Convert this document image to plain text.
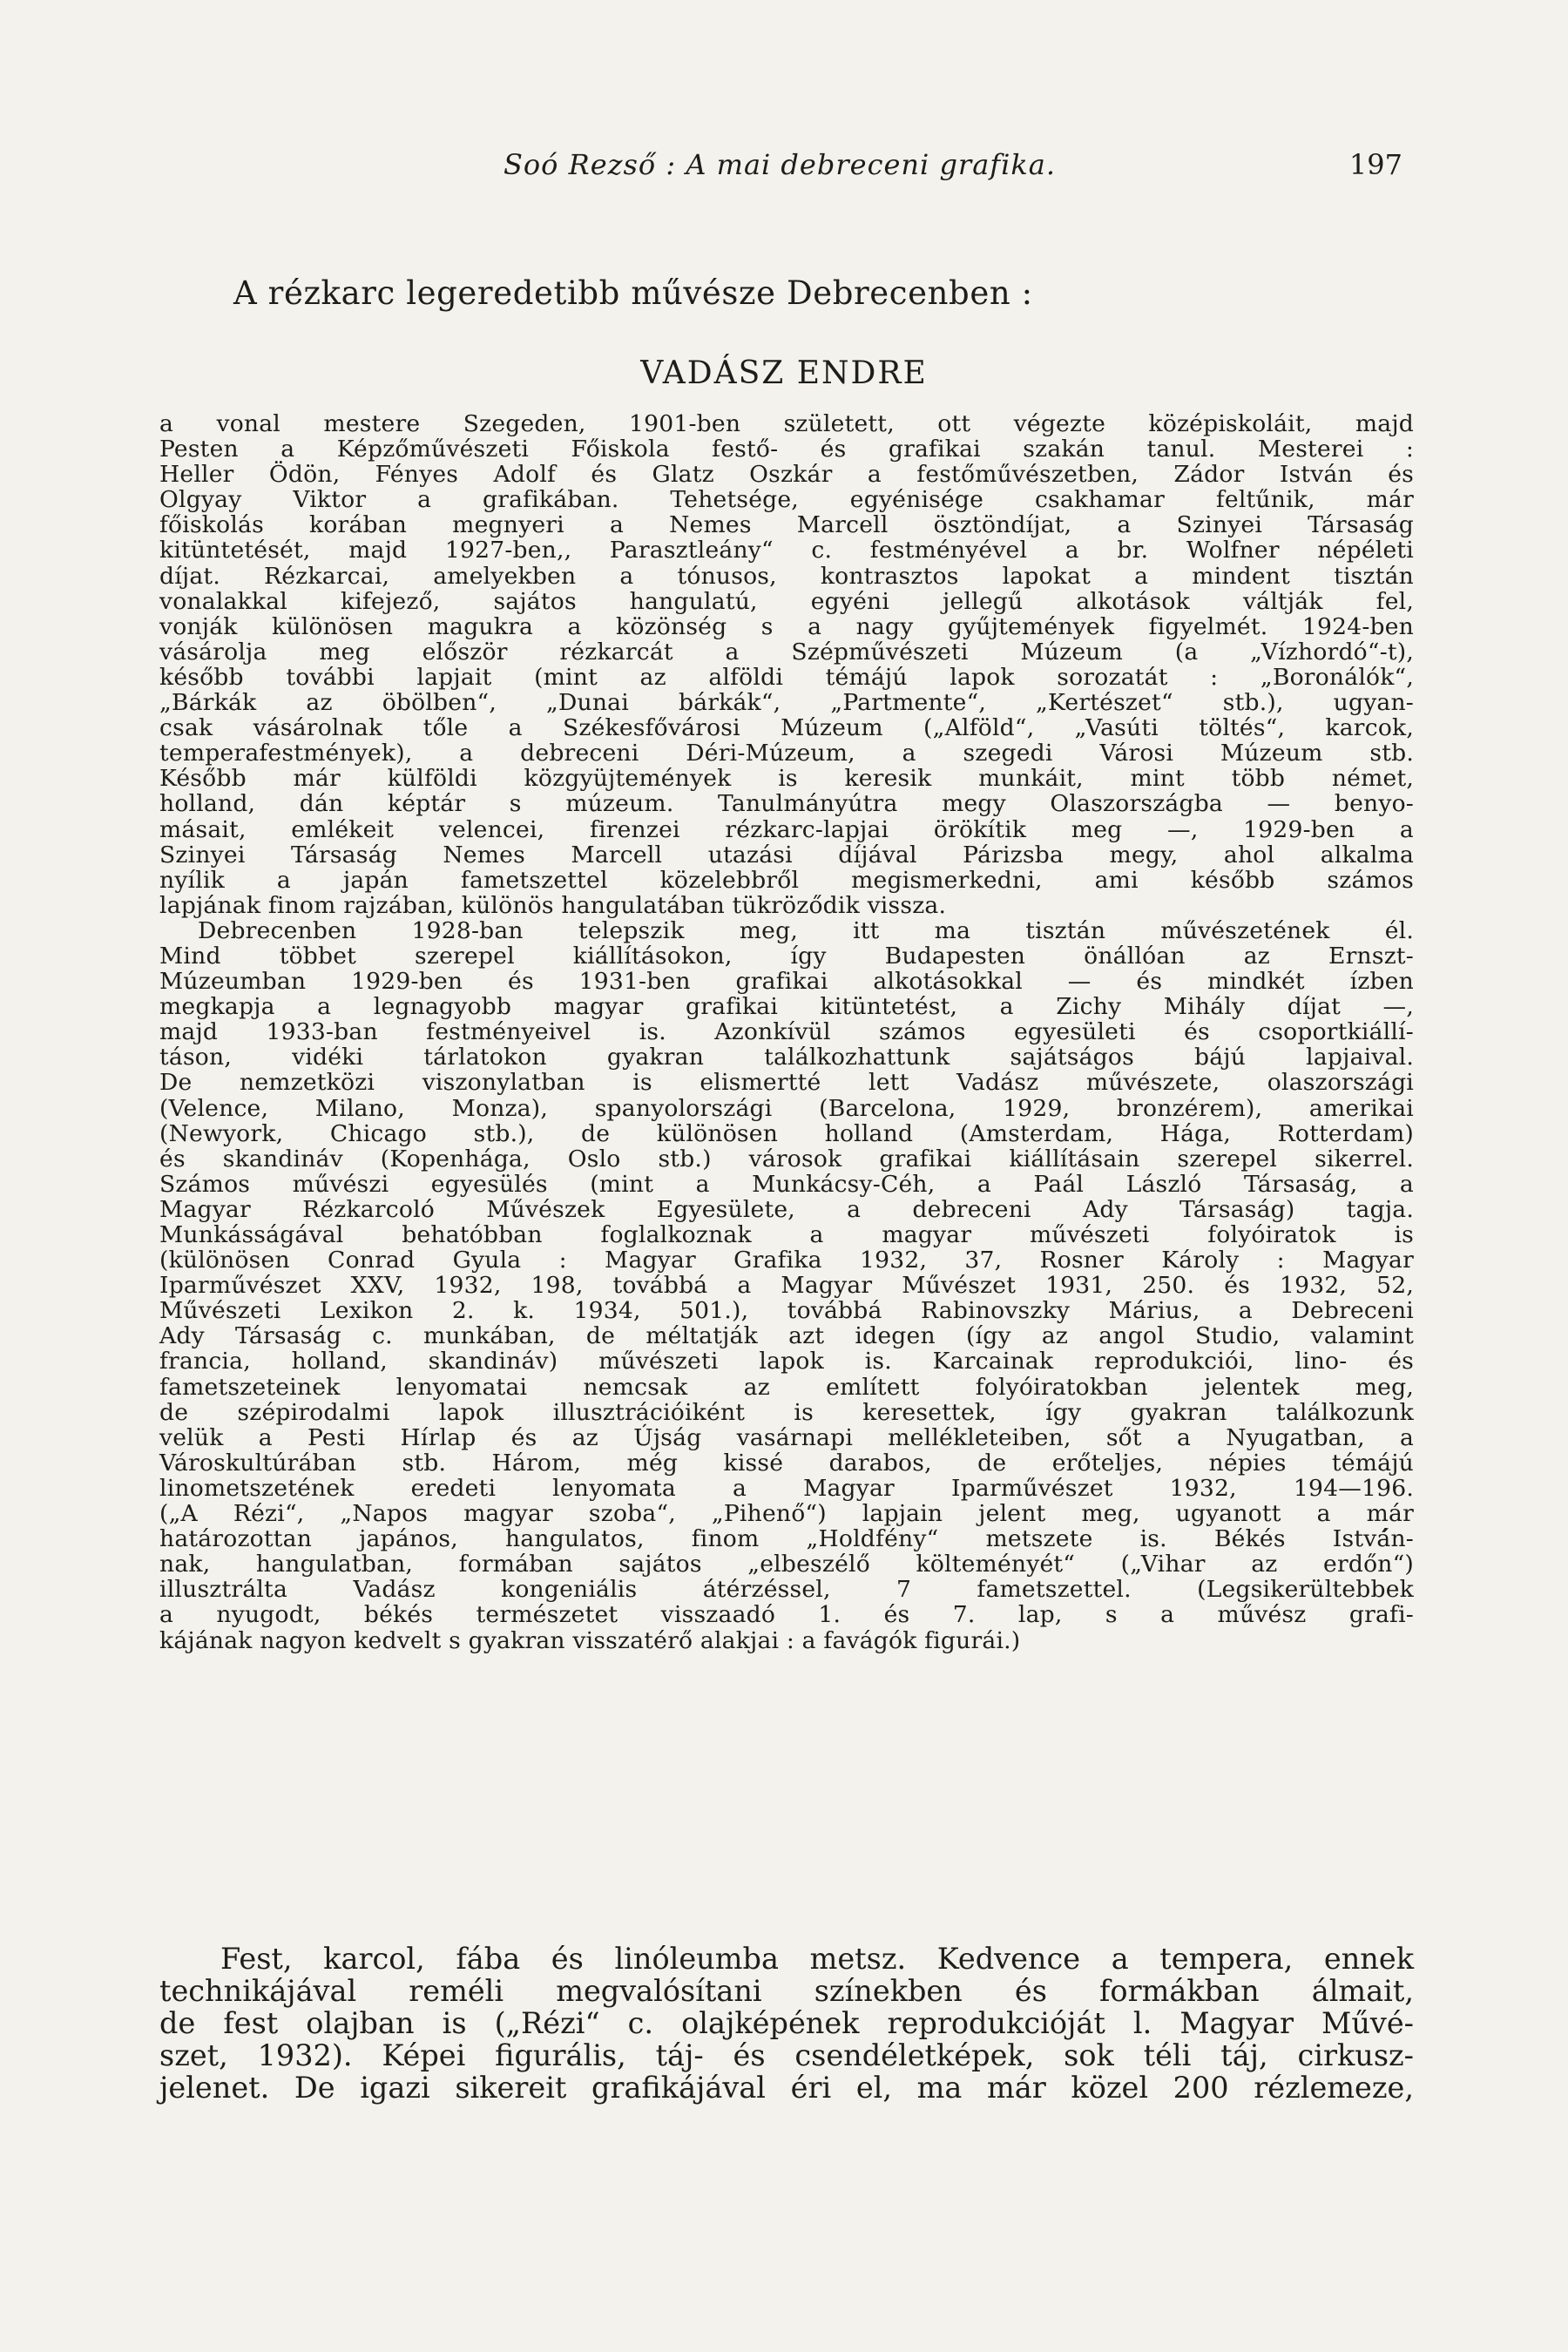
Soó Rezső : A mai debreceni grafika.	197
A rézkarc legeredetibb művésze Debrecenben :
VADÁSZ ENDRE
a vonal mestere Szegeden, 1901-ben született, ott végezte középiskoláit, majd
Pesten a Képzőművészeti Főiskola festő- és grafikai szakán tanul. Mesterei :
Heller Ödön, Fényes Adolf és Glatz Oszkár a festőművészetben, Zádor István és
Olgyay Viktor a grafikában. Tehetsége, egyénisége csakhamar feltűnik, már
főiskolás korában megnyeri a Nemes Marcell ösztöndíjat, a Szinyei Társaság
kitüntetését, majd 1927-ben,, Parasztleány“ c. festményével a br. Wolfner népéleti
díjat. Rézkarcai, amelyekben a tónusos, kontrasztos lapokat a mindent tisztán
vonalakkal kifejező, sajátos hangulatú, egyéni jellegű alkotások váltják fel,
vonják különösen magukra a közönség s a nagy gyűjtemények figyelmét. 1924-ben
vásárolja meg először rézkarcát a Szépművészeti Múzeum (a „Vízhordó“-t),
később további lapjait (mint az alföldi témájú lapok sorozatát : „Boronálók“,
„Bárkák az öbölben“, „Dunai bárkák“, „Partmente“, „Kertészet“ stb.), ugyan-
csak vásárolnak tőle a Székesfővárosi Múzeum („Alföld“, „Vasúti töltés“, karcok,
temperafestmények), a debreceni Déri-Múzeum, a szegedi Városi Múzeum stb.
Később már külföldi közgyüjtemények is keresik munkáit, mint több német,
holland, dán képtár s múzeum. Tanulmányútra megy Olaszországba — benyo-
másait, emlékeit velencei, firenzei rézkarc-lapjai örökítik meg —, 1929-ben a
Szinyei Társaság Nemes Marcell utazási díjával Párizsba megy, ahol alkalma
nyílik a japán fametszettel közelebbről megismerkedni, ami később számos
lapjának finom rajzában, különös hangulatában tükröződik vissza.
Debrecenben 1928-ban telepszik meg, itt ma tisztán művészetének él.
Mind többet szerepel kiállításokon, így Budapesten önállóan az Ernszt-
Múzeumban 1929-ben és 1931-ben grafikai alkotásokkal — és mindkét ízben
megkapja a legnagyobb magyar grafikai kitüntetést, a Zichy Mihály díjat —,
majd 1933-ban festményeivel is. Azonkívül számos egyesületi és csoportkiállí-
táson, vidéki tárlatokon gyakran találkozhattunk sajátságos bájú lapjaival.
De nemzetközi viszonylatban is elismertté lett Vadász művészete, olaszországi
(Velence, Milano, Monza), spanyolországi (Barcelona, 1929, bronzérem), amerikai
(Newyork, Chicago stb.), de különösen holland (Amsterdam, Hága, Rotterdam)
és skandináv (Kopenhága, Oslo stb.) városok grafikai kiállításain szerepel sikerrel.
Számos művészi egyesülés (mint a Munkácsy-Céh, a Paál László Társaság, a
Magyar Rézkarcoló Művészek Egyesülete, a debreceni Ady Társaság) tagja.
Munkásságával behatóbban foglalkoznak a magyar művészeti folyóiratok is
(különösen Conrad Gyula : Magyar Grafika 1932, 37, Rosner Károly : Magyar
Iparművészet XXV, 1932, 198, továbbá a Magyar Művészet 1931, 250. és 1932, 52,
Művészeti Lexikon 2. k. 1934, 501.), továbbá Rabinovszky Márius, a Debreceni
Ady Társaság c. munkában, de méltatják azt idegen (így az angol Studio, valamint
francia, holland, skandináv) művészeti lapok is. Karcainak reprodukciói, lino- és
fametszeteinek lenyomatai nemcsak az említett folyóiratokban jelentek meg,
de szépirodalmi lapok illusztrációiként is keresettek, így gyakran találkozunk
velük a Pesti Hírlap és az Újság vasárnapi mellékleteiben, sőt a Nyugatban, a
Városkultúrában stb. Három, még kissé darabos, de erőteljes, népies témájú
linometszetének eredeti lenyomata a Magyar Iparművészet 1932, 194—196.
(„A Rézi“, „Napos magyar szoba“, „Pihenő“) lapjain jelent meg, ugyanott a már
határozottan japános, hangulatos, finom „Holdfény“ metszete is. Békés Istvá́n-
nak, hangulatban, formában sajátos „elbeszélő költeményét“ („Vihar az erdőn“)
illusztrálta Vadász kongeniális átérzéssel, 7 fametszettel. (Legsikerültebbek
a nyugodt, békés természetet visszaadó 1. és 7. lap, s a művész grafi-
kájának nagyon kedvelt s gyakran visszatérő alakjai : a favágók figurái.)
Fest, karcol, fába és linóleumba metsz. Kedvence a tempera, ennek
technikájával reméli megvalósítani színekben és formákban álmait,
de fest olajban is („Rézi“ c. olajképének reprodukcióját l. Magyar Művé-
szet, 1932). Képei figurális, táj- és csendéletképek, sok téli táj, cirkusz-
jelenet. De igazi sikereit grafikájával éri el, ma már közel 200 rézlemeze,
